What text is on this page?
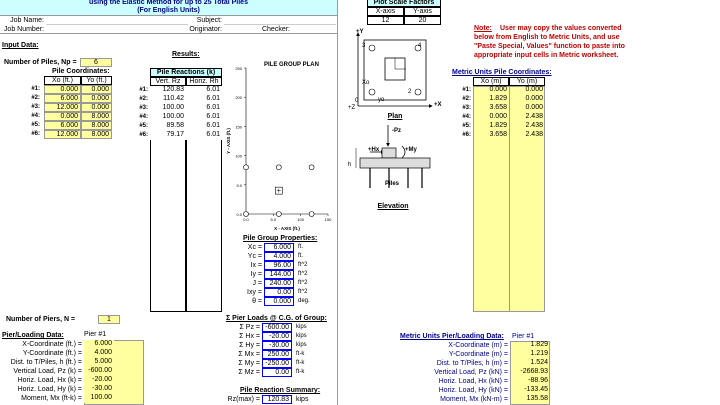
using the Elastic Method for up to 25 Total Piles
(For English Units)
Job Name:
Job Number:
Subject:
Originator:	Checker:
Input Data:
Number of Piles, Np =	6
Pile Coordinates:
Xo (ft.)	Yo (ft.)
#1:	0.000	0.000
#2:	6.000	0.000
#3:	12.000	0.000
#4:	0.000	8.000
#5:	6.000	8.000
#6:	12.000	8.000
Results:
Pile Reactions (k)
Vert. Rz	Horiz. Rh
#1:	120.83	6.01
#2:	110.42	6.01
#3:	100.00	6.01
#4:	100.00	6.01
#5:	89.58	6.01
#6:	79.17	6.01
PILE GROUP PLAN
250
200
150
100
5.0
0.0
0.0	5.0	100	150
X - AXIS (ft.)
Y - AXIS (ft.)
Pile Group Properties:
Xc =	6.000	ft.
Yc =	4.000	ft.
Ix =	96.00	ft^2
Iy =	144.00	ft^2
J =	240.00	ft^2
Ixy =	0.00	ft^2
θ =	0.000	deg.
Number of Piers, N =	1
Pier/Loading Data:	Pier #1
X-Coordinate (ft.) =	6.000
Y-Coordinate (ft.) =	4.000
Dist. to T/Piles, h (ft.) =	5.000
Vertical Load, Pz (k) = -600.00
Horiz. Load, Hx (k) =	-20.00
Horiz. Load, Hy (k) =	-30.00
Moment, Mx (ft-k) =	100.00
Σ Pier Loads @ C.G. of Group:
Σ Pz = -600.00	kips
Σ Hx =	-20.00	kips
Σ Hy =	-30.00	kips
Σ Mx =	250.00	ft-k
Σ My = -250.00	ft-k
Σ Mz =	0.00	ft-k
Pile Reaction Summary:
Rz(max) =	120.83	kips
Plot Scale Factors
X-axis	Y-axis
12	20
+Y
+X
+Z
3	4
Xo
yo
2
0
Plan
-Pz
+Hx	+My
h
Piles
Elevation
Note: User may copy the values converted
below from English to Metric Units, and use
"Paste Special, Values" function to paste into
appropriate input cells in Metric worksheet.
Metric Units Pile Coordinates:
Xo (m)	Yo (m)
#1:	0.000	0.000
#2:	1.829	0.000
#3:	3.658	0.000
#4:	0.000	2.438
#5:	1.829	2.438
#6:	3.658	2.438
Metric Units Pier/Loading Data: Pier #1
X-Coordinate (m) =	1.829
Y-Coordinate (m) =	1.219
Dist. to T/Piles, h (m) =	1.524
Vertical Load, Pz (kN) =	-2668.93
Horiz. Load, Hx (kN) =	-88.96
Horiz. Load, Hy (kN) =	-133.45
Moment, Mx (kN-m) =	135.58
